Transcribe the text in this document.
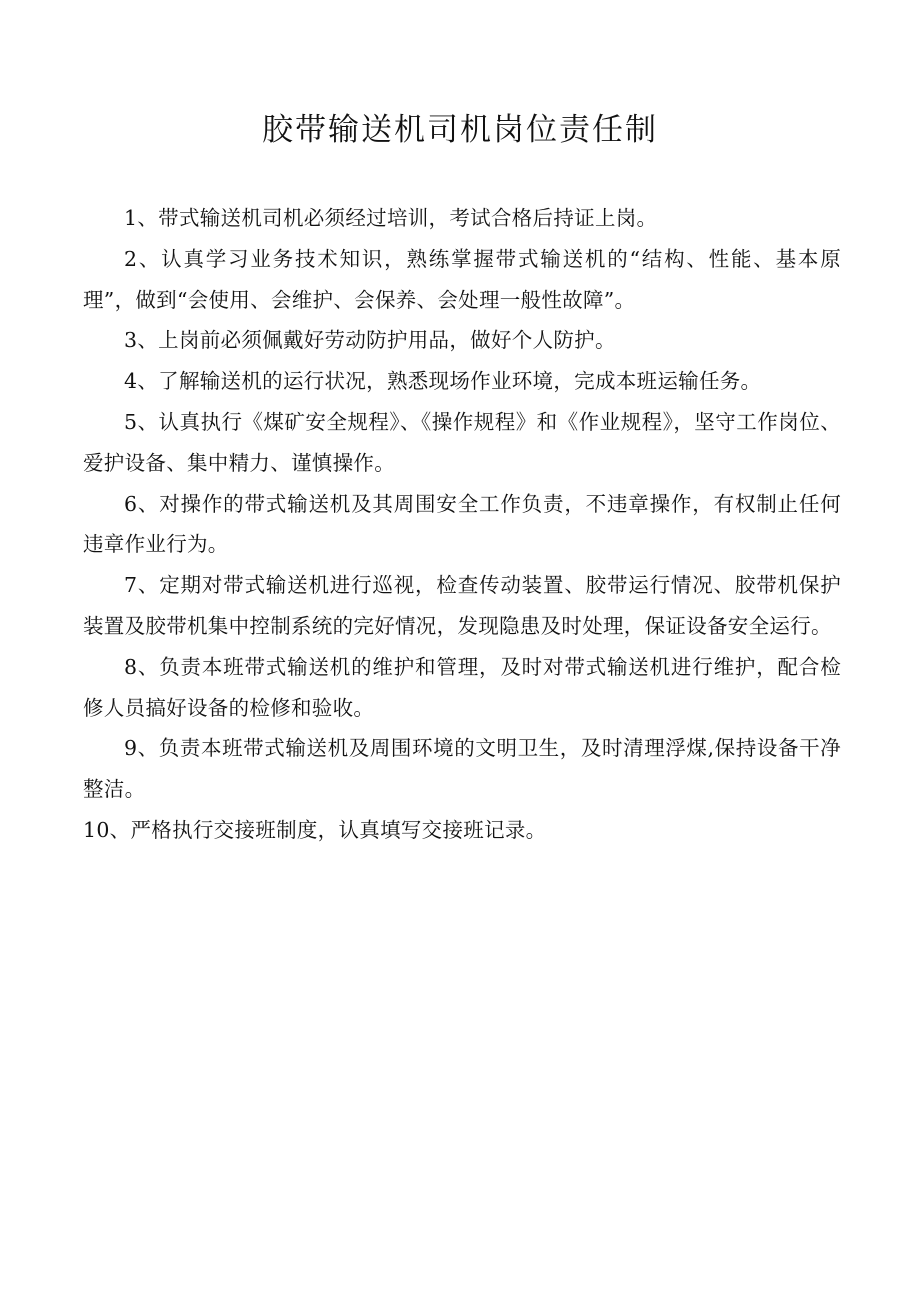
胶带输送机司机岗位责任制

1、带式输送机司机必须经过培训，考试合格后持证上岗。

2、认真学习业务技术知识，熟练掌握带式输送机的“结构、性能、基本原理”，做到“会使用、会维护、会保养、会处理一般性故障”。

3、上岗前必须佩戴好劳动防护用品，做好个人防护。

4、了解输送机的运行状况，熟悉现场作业环境，完成本班运输任务。

5、认真执行《煤矿安全规程》、《操作规程》和《作业规程》，坚守工作岗位、爱护设备、集中精力、谨慎操作。

6、对操作的带式输送机及其周围安全工作负责，不违章操作，有权制止任何违章作业行为。

7、定期对带式输送机进行巡视，检查传动装置、胶带运行情况、胶带机保护装置及胶带机集中控制系统的完好情况，发现隐患及时处理，保证设备安全运行。

8、负责本班带式输送机的维护和管理，及时对带式输送机进行维护，配合检修人员搞好设备的检修和验收。

9、负责本班带式输送机及周围环境的文明卫生，及时清理浮煤,保持设备干净整洁。

10、严格执行交接班制度，认真填写交接班记录。
